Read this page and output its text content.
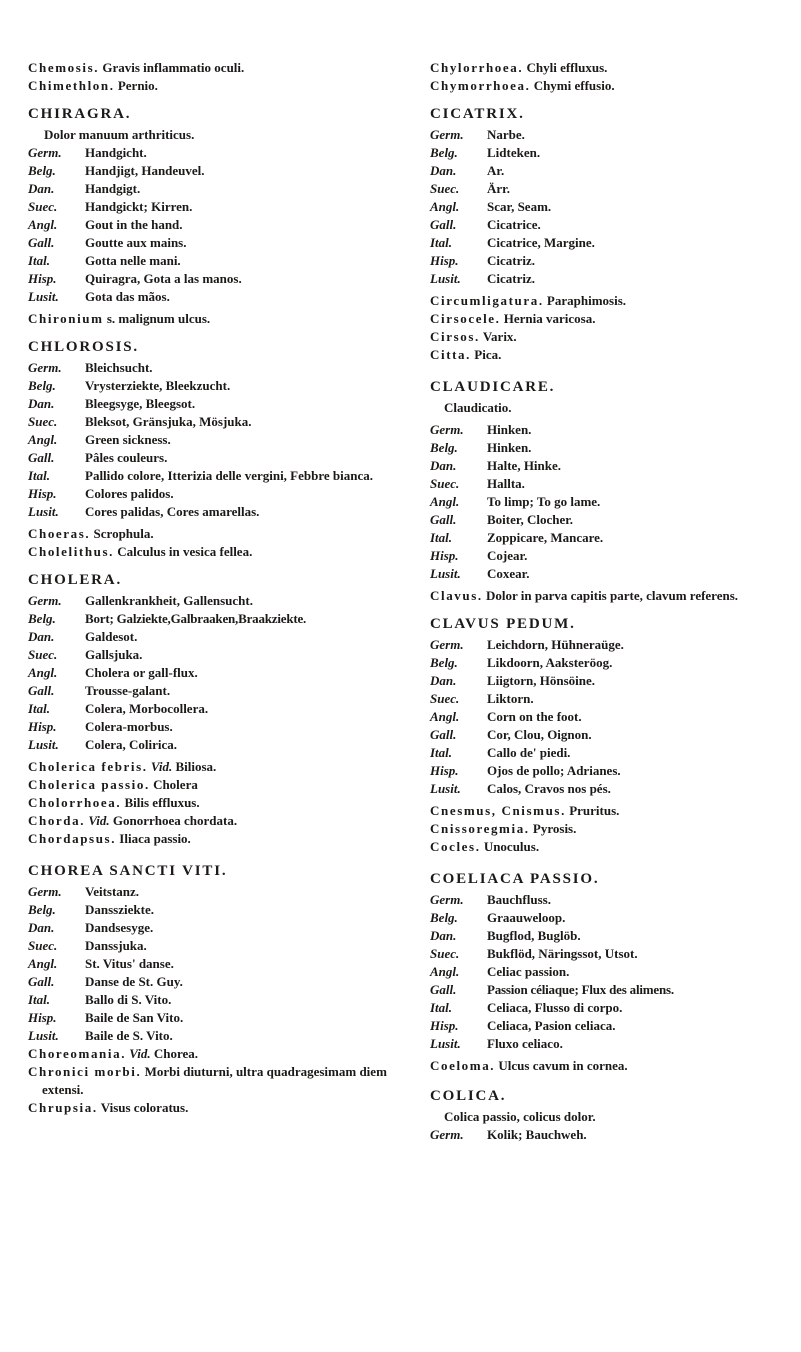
Chemosis. Gravis inflammatio oculi.

Chimethlon. Pernio.

CHIRAGRA.
Dolor manuum arthriticus.
Germ.	Handgicht.
Belg.	Handjigt, Handeuvel.
Dan.	Handgigt.
Suec.	Handgickt; Kirren.
Angl.	Gout in the hand.
Gall.	Goutte aux mains.
Ital.	Gotta nelle mani.
Hisp.	Quiragra, Gota a las manos.
Lusit.	Gota das mãos.

Chironium s. malignum ulcus.

CHLOROSIS.
Germ.	Bleichsucht.
Belg.	Vrysterziekte, Bleekzucht.
Dan.	Bleegsyge, Bleegsot.
Suec.	Bleksot, Gränsjuka, Mösjuka.
Angl.	Green sickness.
Gall.	Pâles couleurs.
Ital.	Pallido colore, Itterizia delle vergini, Febbre bianca.
Hisp.	Colores palidos.
Lusit.	Cores palidas, Cores amarellas.

Choeras. Scrophula.

Cholelithus. Calculus in vesica fellea.

CHOLERA.
Germ.	Gallenkrankheit, Gallensucht.
Belg.	Bort; Galziekte,Galbraaken,Braakziekte.
Dan.	Galdesot.
Suec.	Gallsjuka.
Angl.	Cholera or gall-flux.
Gall.	Trousse-galant.
Ital.	Colera, Morbocollera.
Hisp.	Colera-morbus.
Lusit.	Colera, Colirica.

Cholerica febris. Vid. Biliosa.

Cholerica passio. Cholera

Cholorrhoea. Bilis effluxus.

Chorda. Vid. Gonorrhoea chordata.

Chordapsus. Iliaca passio.

CHOREA SANCTI VITI.
Germ.	Veitstanz.
Belg.	Danssziekte.
Dan.	Dandsesyge.
Suec.	Danssjuka.
Angl.	St. Vitus' danse.
Gall.	Danse de St. Guy.
Ital.	Ballo di S. Vito.
Hisp.	Baile de San Vito.
Lusit.	Baile de S. Vito.

Choreomania. Vid. Chorea.

Chronici morbi. Morbi diuturni, ultra quadragesimam diem extensi.

Chrupsia. Visus coloratus.

Chylorrhoea. Chyli effluxus.

Chymorrhoea. Chymi effusio.

CICATRIX.
Germ.	Narbe.
Belg.	Lidteken.
Dan.	Ar.
Suec.	Ärr.
Angl.	Scar, Seam.
Gall.	Cicatrice.
Ital.	Cicatrice, Margine.
Hisp.	Cicatriz.
Lusit.	Cicatriz.

Circumligatura. Paraphimosis.

Cirsocele. Hernia varicosa.

Cirsos. Varix.

Citta. Pica.

CLAUDICARE.
Claudicatio.
Germ.	Hinken.
Belg.	Hinken.
Dan.	Halte, Hinke.
Suec.	Hallta.
Angl.	To limp; To go lame.
Gall.	Boiter, Clocher.
Ital.	Zoppicare, Mancare.
Hisp.	Cojear.
Lusit.	Coxear.

Clavus. Dolor in parva capitis parte, clavum referens.

CLAVUS PEDUM.
Germ.	Leichdorn, Hühneraüge.
Belg.	Likdoorn, Aaksteröog.
Dan.	Liigtorn, Hönsöine.
Suec.	Liktorn.
Angl.	Corn on the foot.
Gall.	Cor, Clou, Oignon.
Ital.	Callo de' piedi.
Hisp.	Ojos de pollo; Adrianes.
Lusit.	Calos, Cravos nos pés.

Cnesmus, Cnismus. Pruritus.

Cnissoregmia. Pyrosis.

Cocles. Unoculus.

COELIACA PASSIO.
Germ.	Bauchfluss.
Belg.	Graauweloop.
Dan.	Bugflod, Buglöb.
Suec.	Bukflöd, Näringssot, Utsot.
Angl.	Celiac passion.
Gall.	Passion céliaque; Flux des alimens.
Ital.	Celiaca, Flusso di corpo.
Hisp.	Celiaca, Pasion celiaca.
Lusit.	Fluxo celiaco.

Coeloma. Ulcus cavum in cornea.

COLICA.
Colica passio, colicus dolor.
Germ.	Kolik; Bauchweh.
